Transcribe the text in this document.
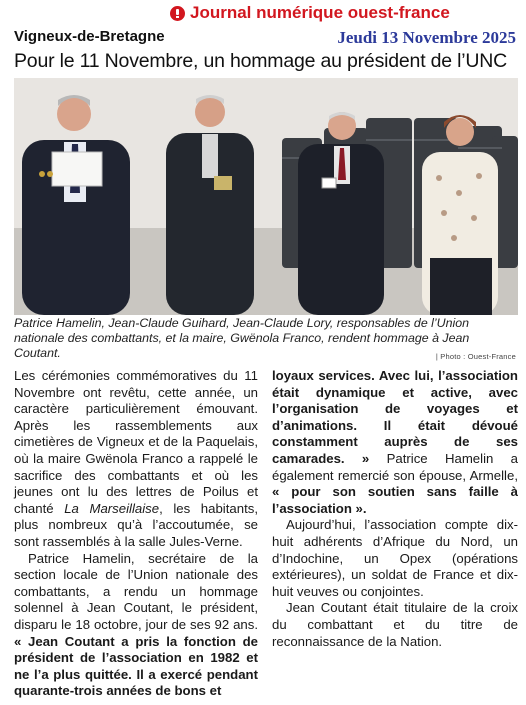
Journal numérique ouest-france
Vigneux-de-Bretagne	Jeudi 13 Novembre 2025
Pour le 11 Novembre, un hommage au président de l’UNC
Patrice Hamelin, Jean-Claude Guihard, Jean-Claude Lory, responsables de l’Union nationale des combattants, et la maire, Gwënola Franco, rendent hommage à Jean Coutant.	| Photo : Ouest-France

Les cérémonies commémoratives du 11 Novembre ont revêtu, cette année, un caractère particulièrement émouvant. Après les rassemblements aux cimetières de Vigneux et de la Paquelais, où la maire Gwënola Franco a rappelé le sacrifice des combattants et où les jeunes ont lu des lettres de Poilus et chanté La Marseillaise, les habitants, plus nombreux qu’à l’accoutumée, se sont rassemblés à la salle Jules-Verne.

Patrice Hamelin, secrétaire de la section locale de l’Union nationale des combattants, a rendu un hommage solennel à Jean Coutant, le président, disparu le 18 octobre, jour de ses 92 ans. « Jean Coutant a pris la fonction de président de l’association en 1982 et ne l’a plus quittée. Il a exercé pendant quarante-trois années de bons et

loyaux services. Avec lui, l’association était dynamique et active, avec l’organisation de voyages et d’animations. Il était dévoué constamment auprès de ses camarades. » Patrice Hamelin a également remercié son épouse, Armelle, « pour son soutien sans faille à l’association ».

Aujourd’hui, l’association compte dix-huit adhérents d’Afrique du Nord, un d’Indochine, un Opex (opérations extérieures), un soldat de France et dix-huit veuves ou conjointes.

Jean Coutant était titulaire de la croix du combattant et du titre de reconnaissance de la Nation.
